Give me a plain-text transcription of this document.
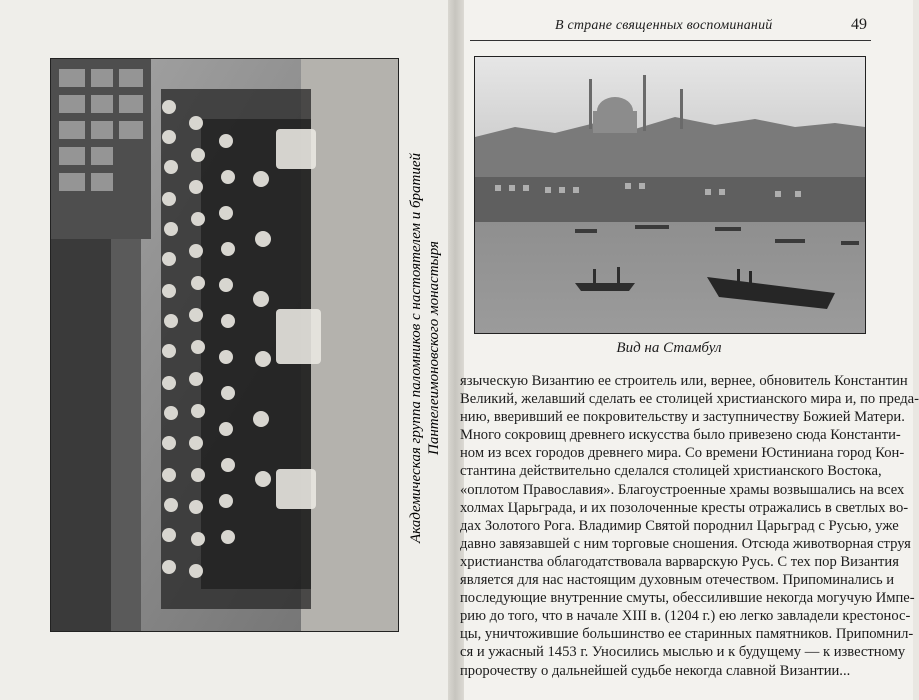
Академическая группа паломников с настоятелем и братией Пантелеимоновского монастыря
В стране священных воспоминаний	49
Вид на Стамбул
языческую Византию ее строитель или, вернее, обновитель Константин
Великий, желавший сделать ее столицей христианского мира и, по преда-
нию, вверивший ее покровительству и заступничеству Божией Матери.
Много сокровищ древнего искусства было привезено сюда Константи-
ном из всех городов древнего мира. Со времени Юстиниана город Кон-
стантина действительно сделался столицей христианского Востока,
«оплотом Православия». Благоустроенные храмы возвышались на всех
холмах Царьграда, и их позолоченные кресты отражались в светлых во-
дах Золотого Рога. Владимир Святой породнил Царьград с Русью, уже
давно завязавшей с ним торговые сношения. Отсюда животворная струя
христианства облагодатствовала варварскую Русь. С тех пор Византия
является для нас настоящим духовным отечеством. Припоминались и
последующие внутренние смуты, обессилившие некогда могучую Импе-
рию до того, что в начале XIII в. (1204 г.) ею легко завладели крестонос-
цы, уничтожившие большинство ее старинных памятников. Припомнил-
ся и ужасный 1453 г. Уносились мыслью и к будущему — к известному
пророчеству о дальнейшей судьбе некогда славной Византии...
